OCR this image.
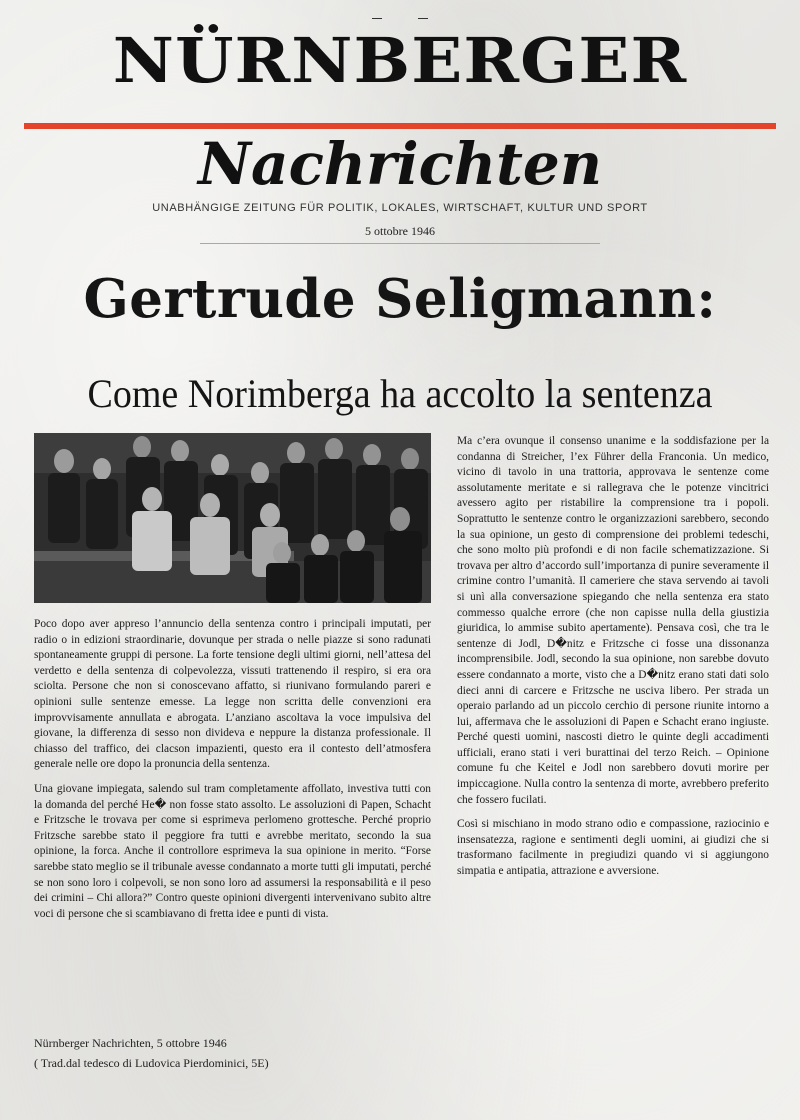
NÜRNBERGER
Nachrichten
UNABHÄNGIGE ZEITUNG FÜR POLITIK, LOKALES, WIRTSCHAFT, KULTUR UND SPORT
5 ottobre 1946
Gertrude Seligmann:
Come Norimberga ha accolto la sentenza

Poco dopo aver appreso l’annuncio della sentenza contro i principali imputati, per radio o in edizioni straordinarie, dovunque per strada o nelle piazze si sono radunati spontaneamente gruppi di persone. La forte tensione degli ultimi giorni, nell’attesa del verdetto e della sentenza di colpevolezza, vissuti trattenendo il respiro, si era ora sciolta. Persone che non si conoscevano affatto, si riunivano formulando pareri e opinioni sulle sentenze emesse. La legge non scritta delle convenzioni era improvvisamente annullata e abrogata. L’anziano ascoltava la voce impulsiva del giovane, la differenza di sesso non divideva e neppure la distanza professionale. Il chiasso del traffico, dei clacson impazienti, questo era il contesto dell’atmosfera generale nelle ore dopo la pronuncia della sentenza.

Una giovane impiegata, salendo sul tram completamente affollato, investiva tutti con la domanda del perché He� non fosse stato assolto. Le assoluzioni di Papen, Schacht e Fritzsche le trovava per come si esprimeva perlomeno grottesche. Perché proprio Fritzsche sarebbe stato il peggiore fra tutti e avrebbe meritato, secondo la sua opinione, la forca. Anche il controllore esprimeva la sua opinione in merito. “Forse sarebbe stato meglio se il tribunale avesse condannato a morte tutti gli imputati, perché se non sono loro i colpevoli, se non sono loro ad assumersi la responsabilità e il peso dei crimini – Chi allora?” Contro queste opinioni divergenti intervenivano subito altre voci di persone che si scambiavano di fretta idee e punti di vista.

Ma c’era ovunque il consenso unanime e la soddisfazione per la condanna di Streicher, l’ex Führer della Franconia. Un medico, vicino di tavolo in una trattoria, approvava le sentenze come assolutamente meritate e si rallegrava che le potenze vincitrici avessero agito per ristabilire la comprensione tra i popoli. Soprattutto le sentenze contro le organizzazioni sarebbero, secondo la sua opinione, un gesto di comprensione dei problemi tedeschi, che sono molto più profondi e di non facile schematizzazione. Si trovava per altro d’accordo sull’importanza di punire severamente il crimine contro l’umanità. Il cameriere che stava servendo ai tavoli si unì alla conversazione spiegando che nella sentenza era stato commesso qualche errore (che non capisse nulla della giustizia giuridica, lo ammise subito apertamente). Pensava così, che tra le sentenze di Jodl, D�nitz e Fritzsche ci fosse una dissonanza incomprensibile. Jodl, secondo la sua opinione, non sarebbe dovuto essere condannato a morte, visto che a D�nitz erano stati dati solo dieci anni di carcere e Fritzsche ne usciva libero. Per strada un operaio parlando ad un piccolo cerchio di persone riunite intorno a lui, affermava che le assoluzioni di Papen e Schacht erano ingiuste. Perché questi uomini, nascosti dietro le quinte degli accadimenti ufficiali, erano stati i veri burattinai del terzo Reich. – Opinione comune fu che Keitel e Jodl non sarebbero dovuti morire per impiccagione. Nulla contro la sentenza di morte, avrebbero preferito che fossero fucilati.

Così si mischiano in modo strano odio e compassione, raziocinio e insensatezza, ragione e sentimenti degli uomini, ai giudizi che si trasformano facilmente in pregiudizi quando vi si aggiungono simpatia e antipatia, attrazione e avversione.

Nürnberger Nachrichten, 5 ottobre 1946
( Trad.dal tedesco di Ludovica Pierdominici, 5E)
